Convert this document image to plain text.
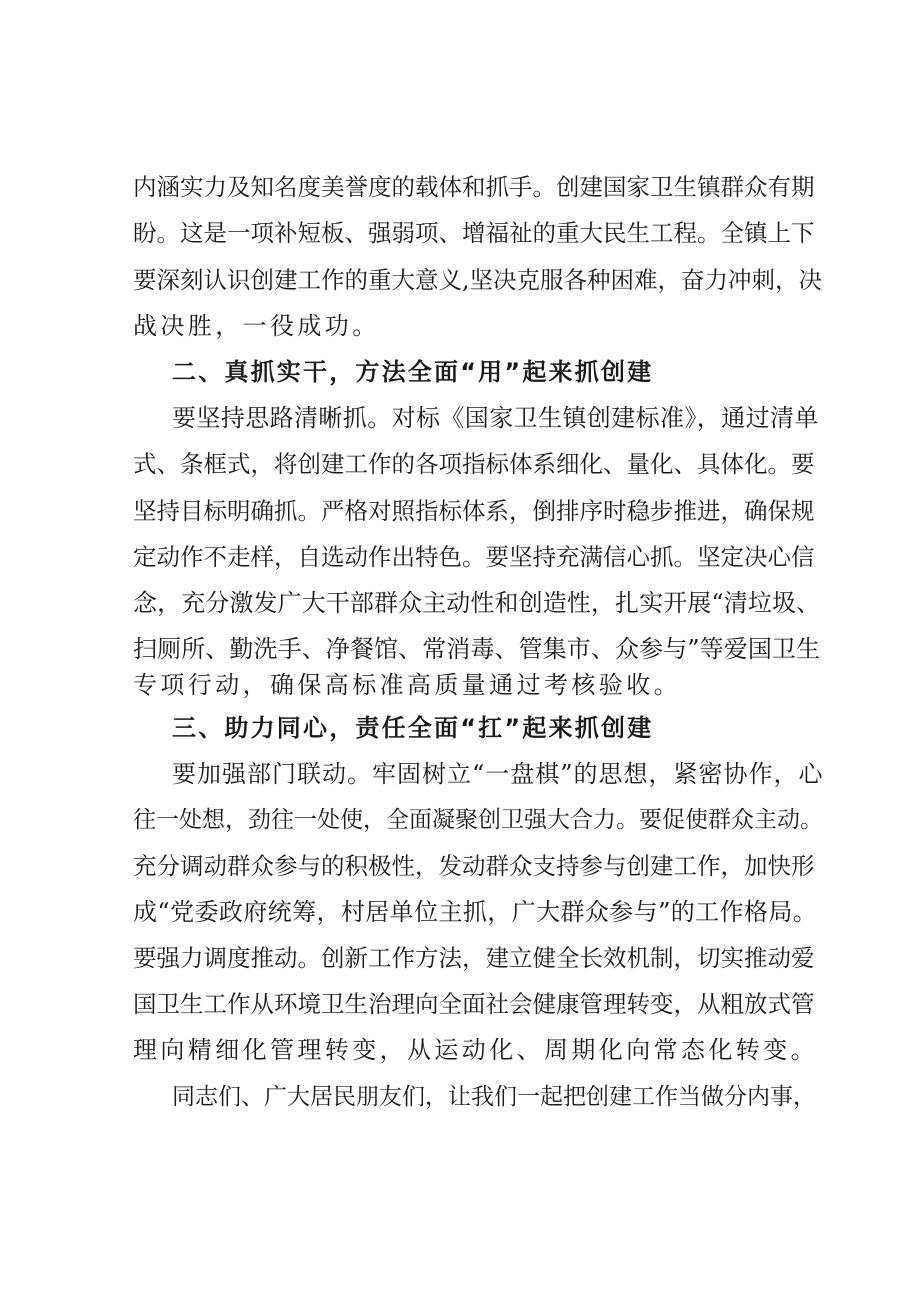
内涵实力及知名度美誉度的载体和抓手。创建国家卫生镇群众有期
盼。这是一项补短板、强弱项、增福祉的重大民生工程。全镇上下
要深刻认识创建工作的重大意义,坚决克服各种困难，奋力冲刺，决
战决胜，一役成功。
二、真抓实干，方法全面“用”起来抓创建
要坚持思路清晰抓。对标《国家卫生镇创建标准》，通过清单
式、条框式，将创建工作的各项指标体系细化、量化、具体化。要
坚持目标明确抓。严格对照指标体系，倒排序时稳步推进，确保规
定动作不走样，自选动作出特色。要坚持充满信心抓。坚定决心信
念，充分激发广大干部群众主动性和创造性，扎实开展“清垃圾、
扫厕所、勤洗手、净餐馆、常消毒、管集市、众参与”等爱国卫生
专项行动，确保高标准高质量通过考核验收。
三、助力同心，责任全面“扛”起来抓创建
要加强部门联动。牢固树立“一盘棋”的思想，紧密协作，心
往一处想，劲往一处使，全面凝聚创卫强大合力。要促使群众主动。
充分调动群众参与的积极性，发动群众支持参与创建工作，加快形
成“党委政府统筹，村居单位主抓，广大群众参与”的工作格局。
要强力调度推动。创新工作方法，建立健全长效机制，切实推动爱
国卫生工作从环境卫生治理向全面社会健康管理转变，从粗放式管
理向精细化管理转变，从运动化、周期化向常态化转变。
同志们、广大居民朋友们，让我们一起把创建工作当做分内事，
